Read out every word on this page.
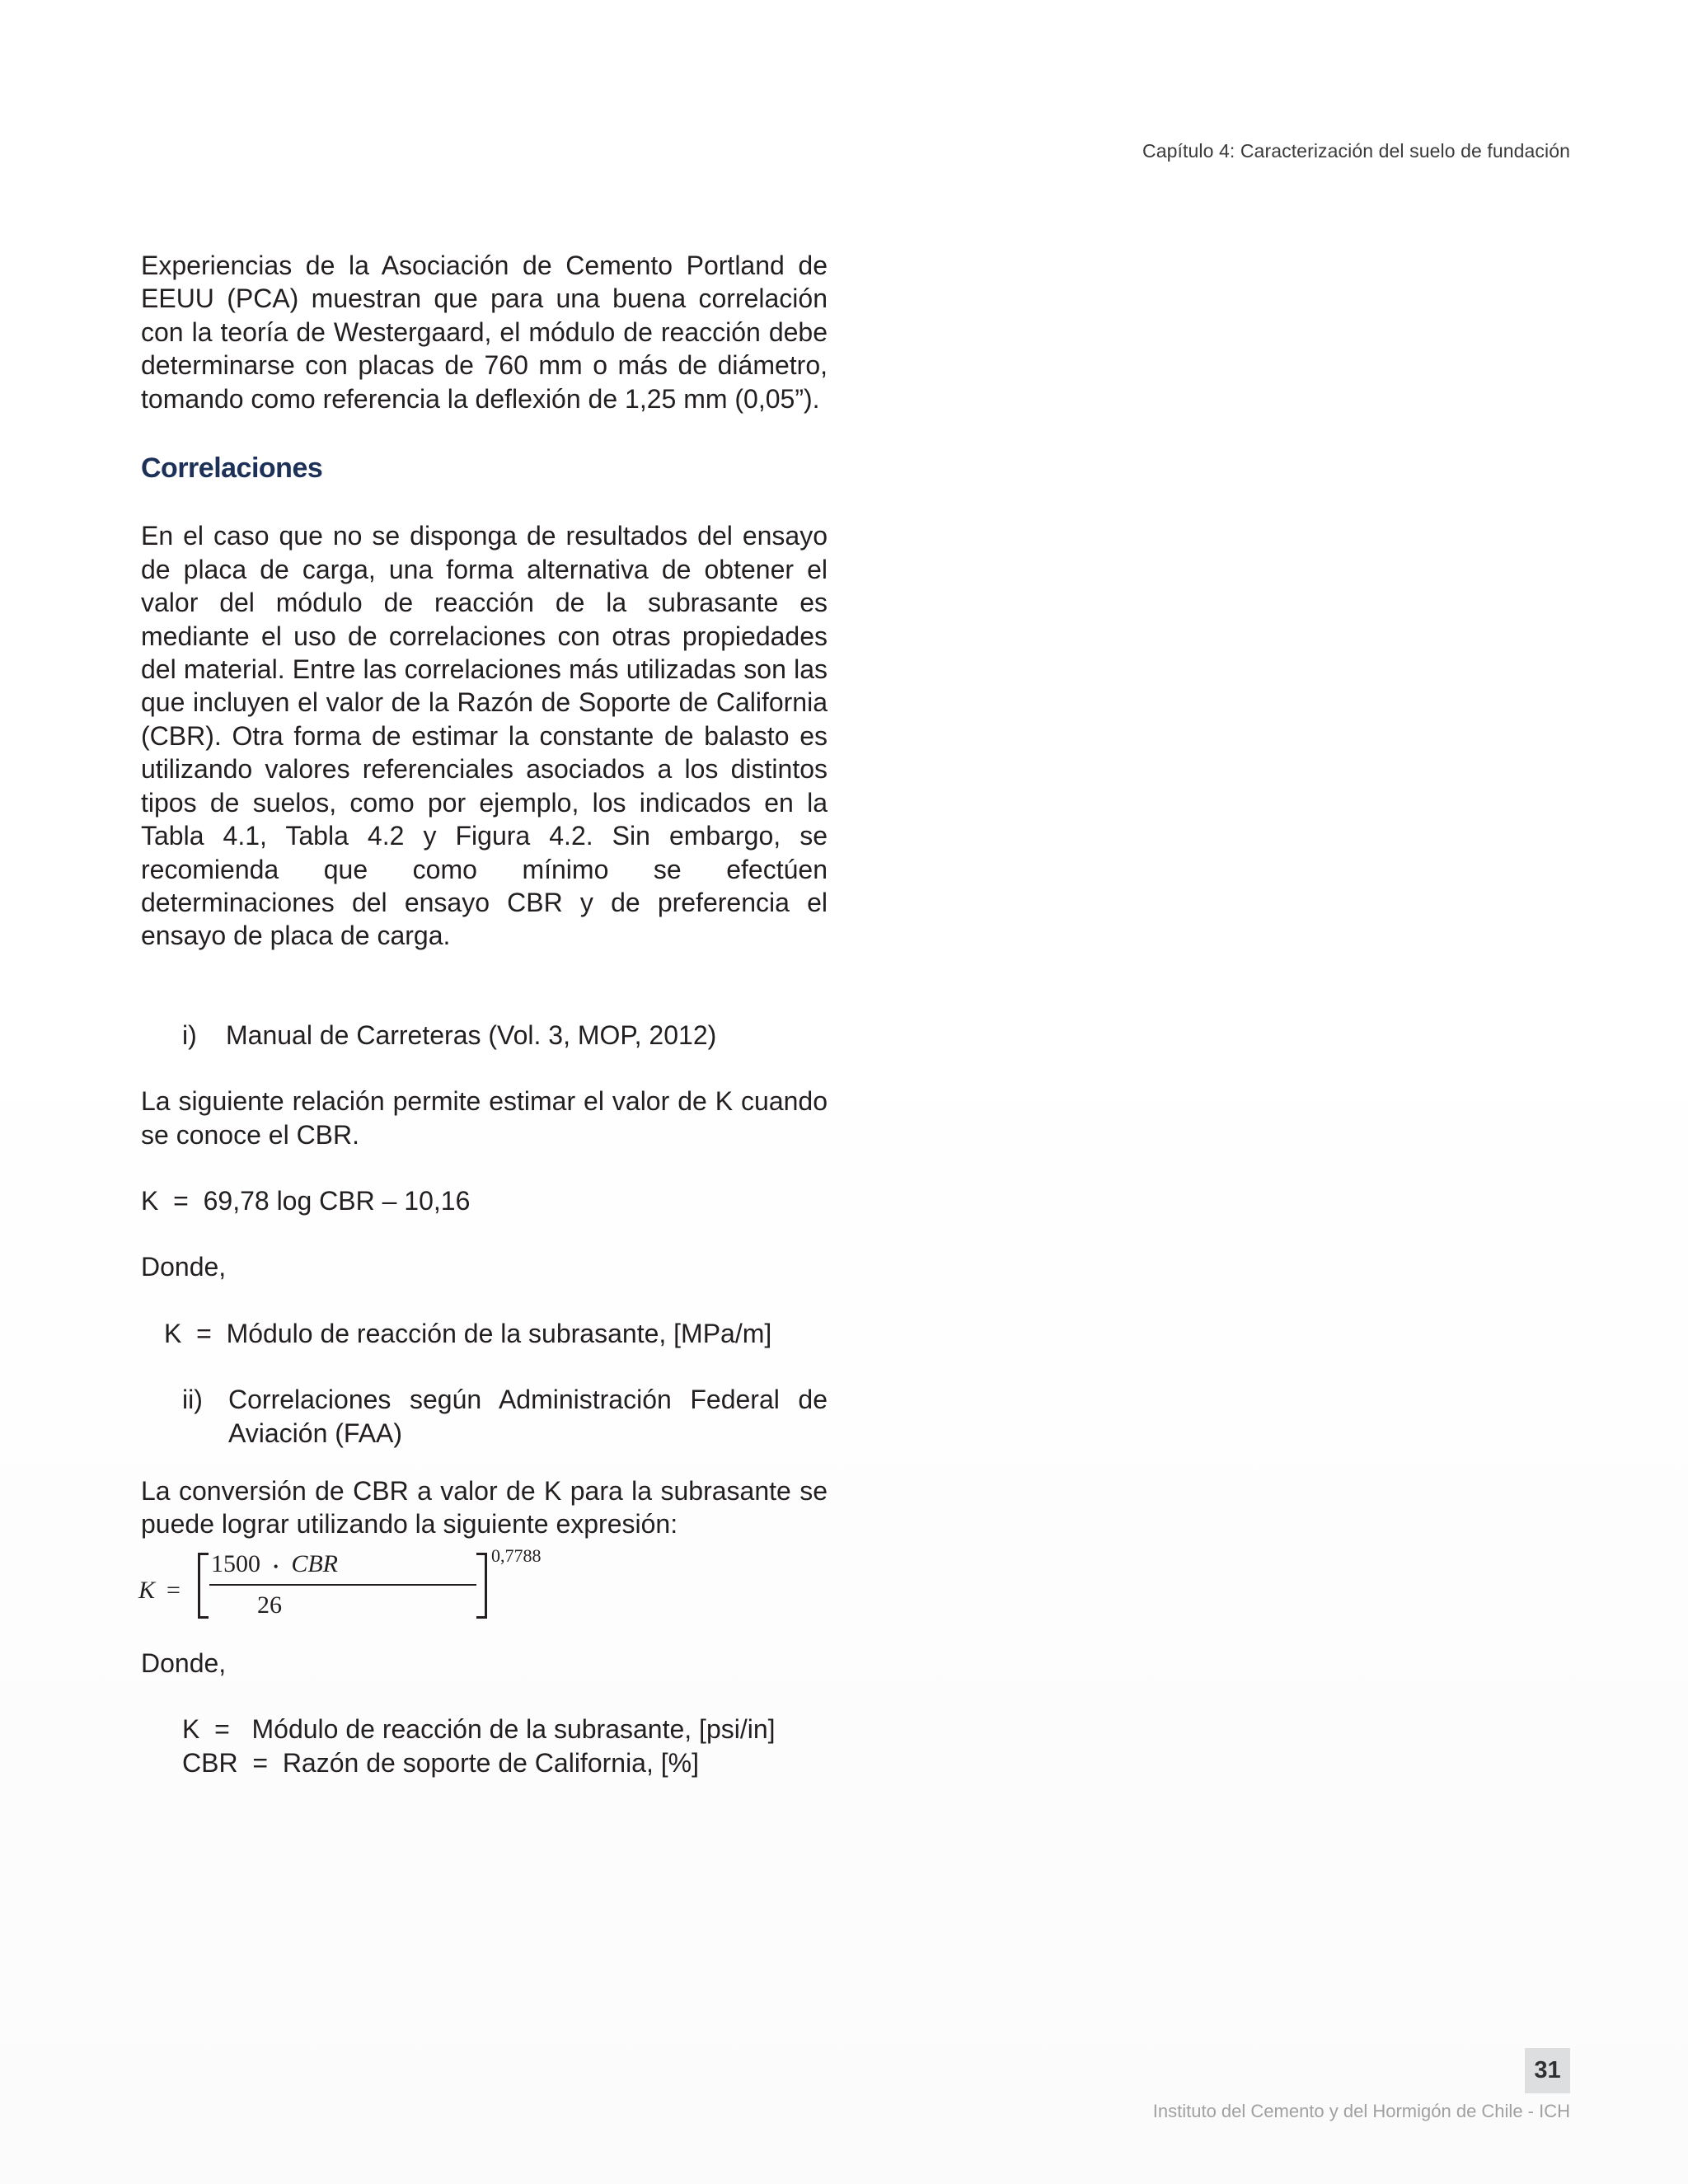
Capítulo 4: Caracterización del suelo de fundación

Experiencias de la Asociación de Cemento Portland de EEUU (PCA) muestran que para una buena correlación con la teoría de Westergaard, el módulo de reacción debe determinarse con placas de 760 mm o más de diámetro, tomando como referencia la deflexión de 1,25 mm (0,05”).

Correlaciones

En el caso que no se disponga de resultados del ensayo de placa de carga, una forma alternativa de obtener el valor del módulo de reacción de la subrasante es mediante el uso de correlaciones con otras propiedades del material. Entre las correlaciones más utilizadas son las que incluyen el valor de la Razón de Soporte de California (CBR). Otra forma de estimar la constante de balasto es utilizando valores referenciales asociados a los distintos tipos de suelos, como por ejemplo, los indicados en la Tabla 4.1, Tabla 4.2 y Figura 4.2. Sin embargo, se recomienda que como mínimo se efectúen determinaciones del ensayo CBR y de preferencia el ensayo de placa de carga.

i) Manual de Carreteras (Vol. 3, MOP, 2012)

La siguiente relación permite estimar el valor de K cuando se conoce el CBR.

K  =  69,78 log CBR – 10,16

Donde,

K  =  Módulo de reacción de la subrasante, [MPa/m]

ii) Correlaciones según Administración Federal de
Aviación (FAA)

La conversión de CBR a valor de K para la subrasante se puede lograr utilizando la siguiente expresión:

K =
1500 • CBR
26
0,7788

Donde,

K  =   Módulo de reacción de la subrasante, [psi/in]

CBR  =  Razón de soporte de California, [%]

31
Instituto del Cemento y del Hormigón de Chile - ICH
